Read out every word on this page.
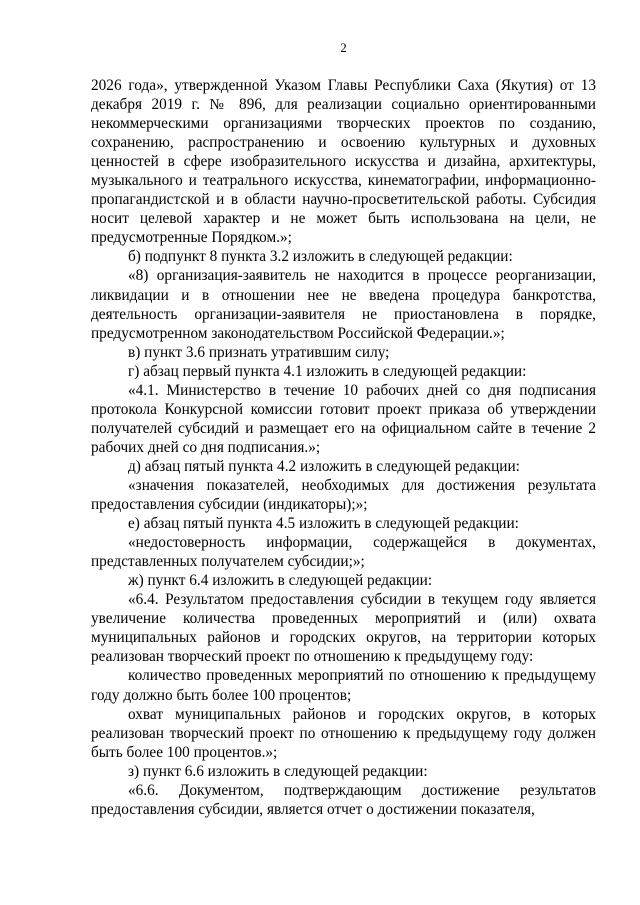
2

2026 года», утвержденной Указом Главы Республики Саха (Якутия) от 13 декабря 2019 г. № 896, для реализации социально ориентированными некоммерческими организациями творческих проектов по созданию, сохранению, распространению и освоению культурных и духовных ценностей в сфере изобразительного искусства и дизайна, архитектуры, музыкального и театрального искусства, кинематографии, информационно-пропагандистской и в области научно-просветительской работы. Субсидия носит целевой характер и не может быть использована на цели, не предусмотренные Порядком.»;

б) подпункт 8 пункта 3.2 изложить в следующей редакции:

«8) организация-заявитель не находится в процессе реорганизации, ликвидации и в отношении нее не введена процедура банкротства, деятельность организации-заявителя не приостановлена в порядке, предусмотренном законодательством Российской Федерации.»;

в) пункт 3.6 признать утратившим силу;

г) абзац первый пункта 4.1 изложить в следующей редакции:

«4.1. Министерство в течение 10 рабочих дней со дня подписания протокола Конкурсной комиссии готовит проект приказа об утверждении получателей субсидий и размещает его на официальном сайте в течение 2 рабочих дней со дня подписания.»;

д) абзац пятый пункта 4.2 изложить в следующей редакции:

«значения показателей, необходимых для достижения результата предоставления субсидии (индикаторы);»;

е) абзац пятый пункта 4.5 изложить в следующей редакции:

«недостоверность информации, содержащейся в документах, представленных получателем субсидии;»;

ж) пункт 6.4 изложить в следующей редакции:

«6.4. Результатом предоставления субсидии в текущем году является увеличение количества проведенных мероприятий и (или) охвата муниципальных районов и городских округов, на территории которых реализован творческий проект по отношению к предыдущему году:

количество проведенных мероприятий по отношению к предыдущему году должно быть более 100 процентов;

охват муниципальных районов и городских округов, в которых реализован творческий проект по отношению к предыдущему году должен быть более 100 процентов.»;

з) пункт 6.6 изложить в следующей редакции:

«6.6. Документом, подтверждающим достижение результатов предоставления субсидии, является отчет о достижении показателя,
